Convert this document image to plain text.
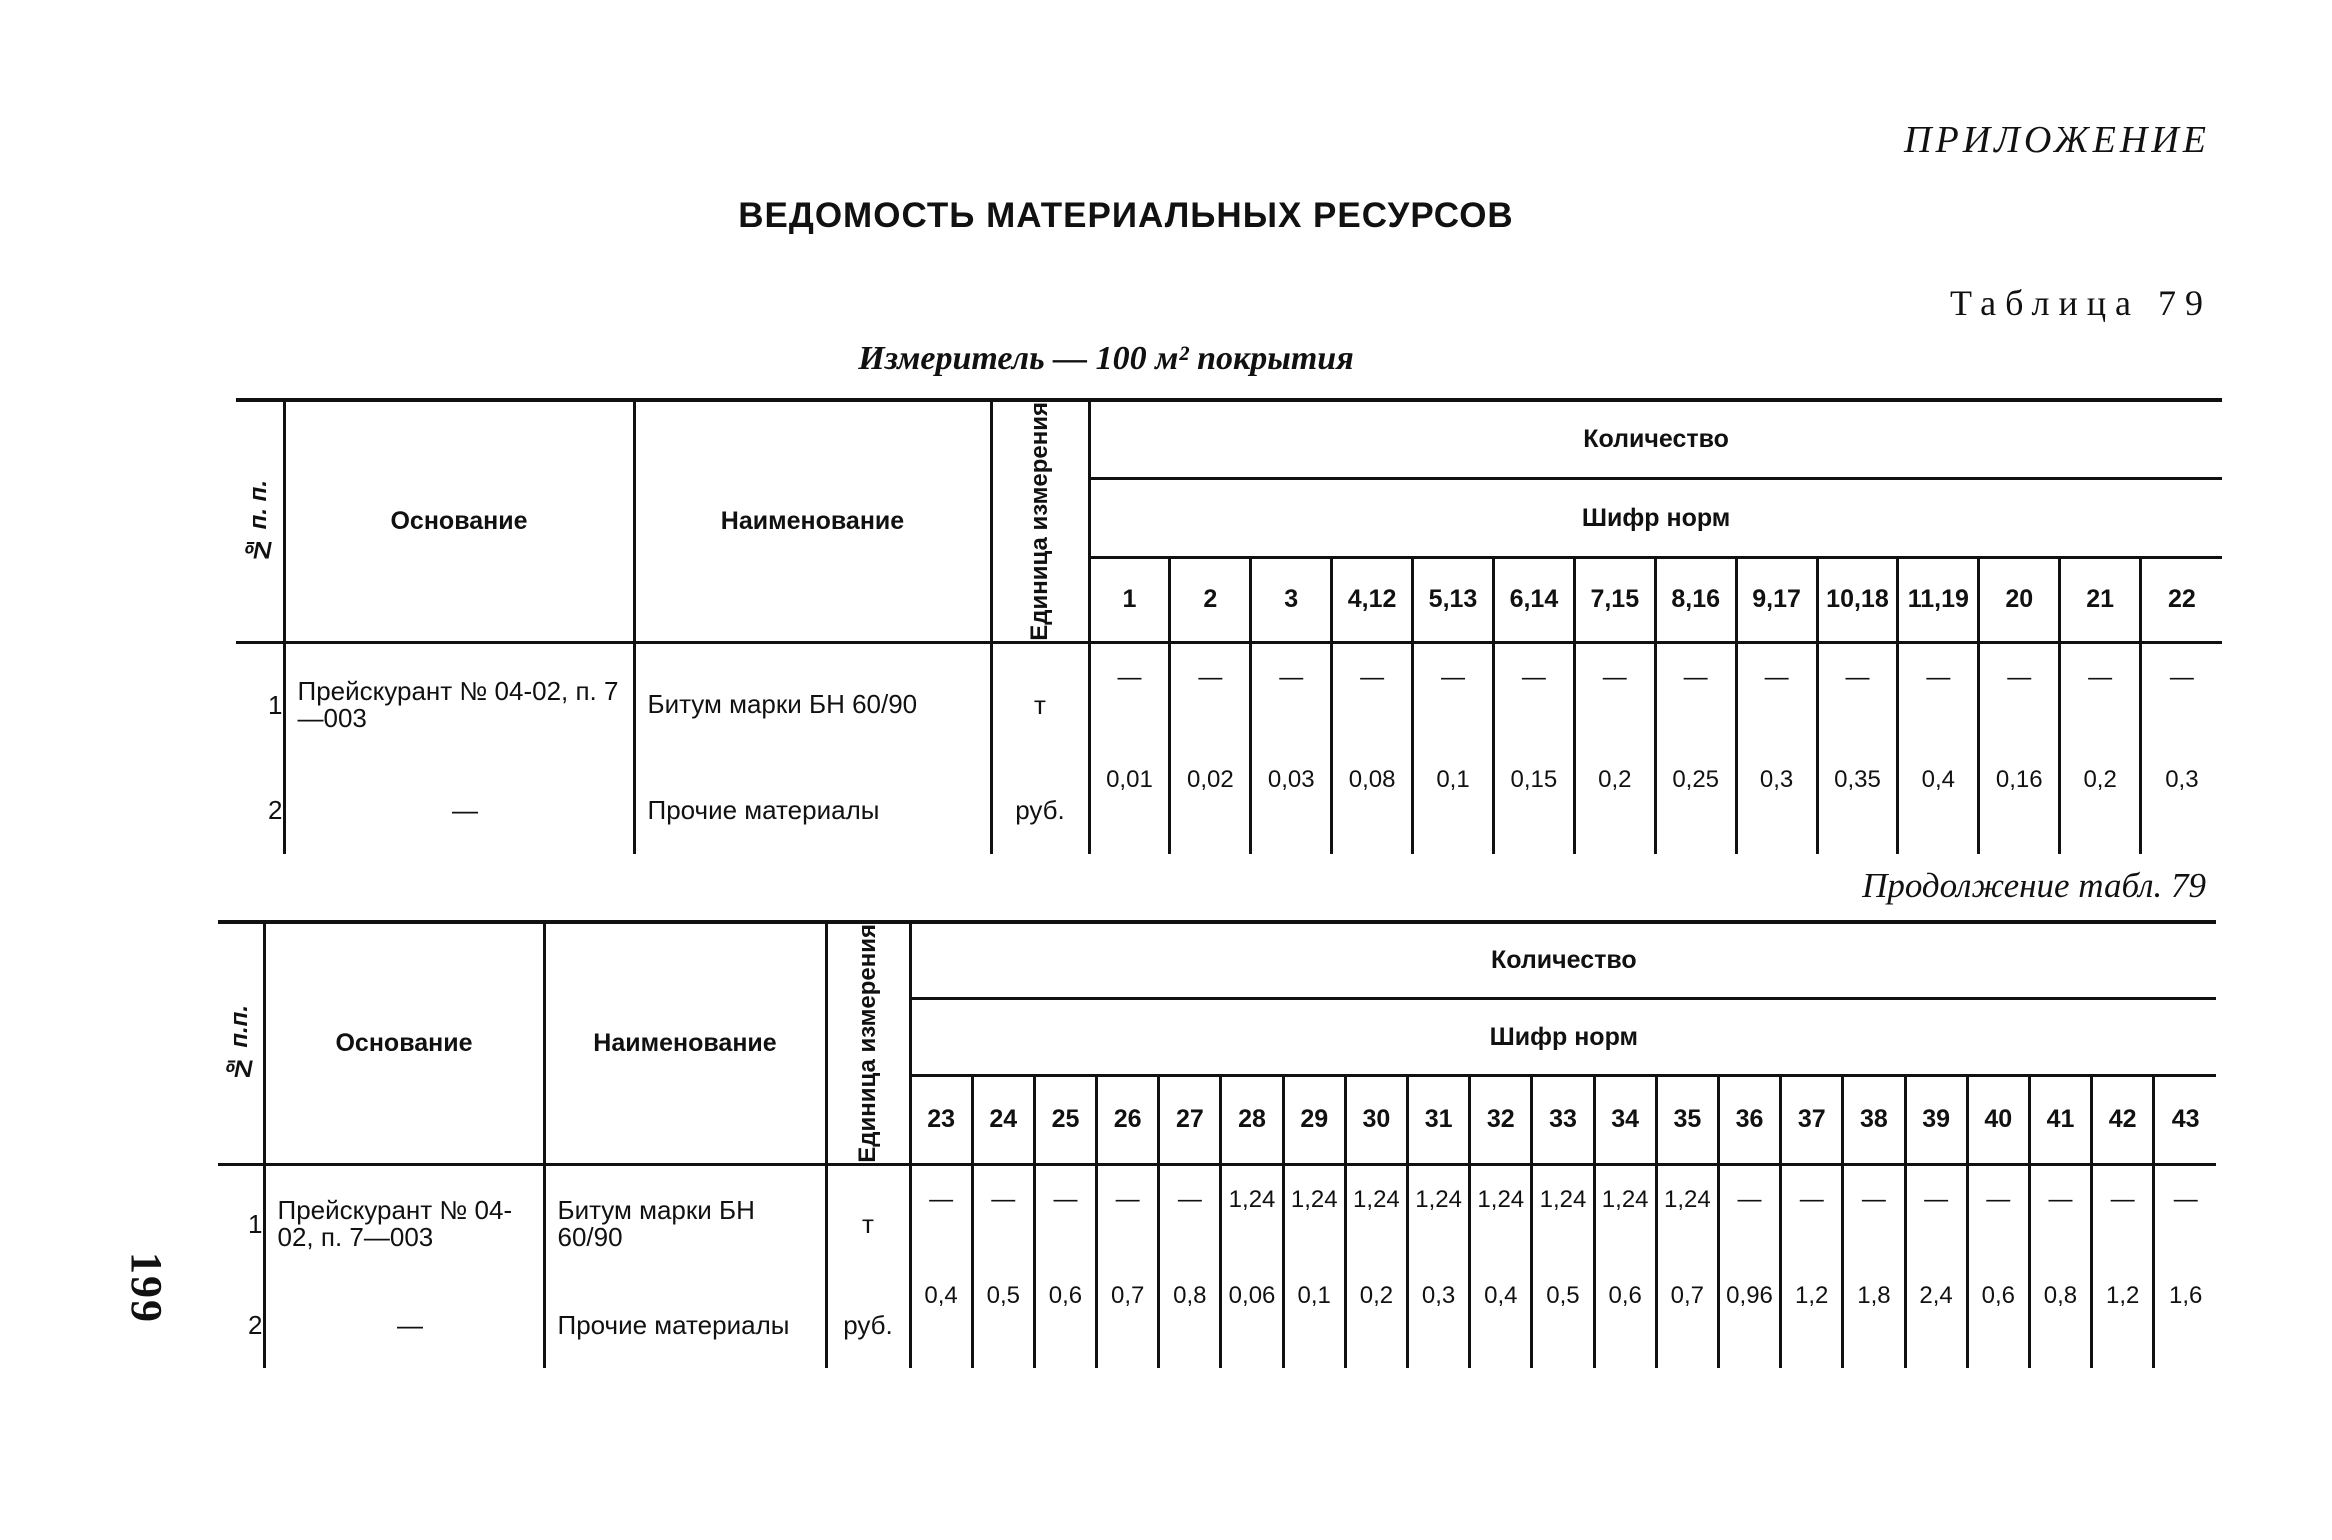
ПРИЛОЖЕНИЕ
ВЕДОМОСТЬ МАТЕРИАЛЬНЫХ РЕСУРСОВ
Таблица 79
Измеритель — 100 м² покрытия
№ п. п.	Основание	Наименование	Единица измерения	Количество													
				Шифр норм													
				1	2	3	4,12	5,13	6,14	7,15	8,16	9,17	10,18	11,19	20	21	22
1	Прейскурант № 04-02, п. 7—003	Битум марки БН 60/90	т	—	—	—	—	—	—	—	—	—	—	—	—	—	—
2	—	Прочие материалы	руб.	0,01	0,02	0,03	0,08	0,1	0,15	0,2	0,25	0,3	0,35	0,4	0,16	0,2	0,3
Продолжение табл. 79
№ п.п.	Основание	Наименование	Единица измерения	Количество																				
				Шифр норм																				
				23	24	25	26	27	28	29	30	31	32	33	34	35	36	37	38	39	40	41	42	43
1	Прейскурант № 04-02, п. 7—003	Битум марки БН 60/90	т	—	—	—	—	—	1,24	1,24	1,24	1,24	1,24	1,24	1,24	1,24	—	—	—	—	—	—	—	—
2	—	Прочие материалы	руб.	0,4	0,5	0,6	0,7	0,8	0,06	0,1	0,2	0,3	0,4	0,5	0,6	0,7	0,96	1,2	1,8	2,4	0,6	0,8	1,2	1,6
199
